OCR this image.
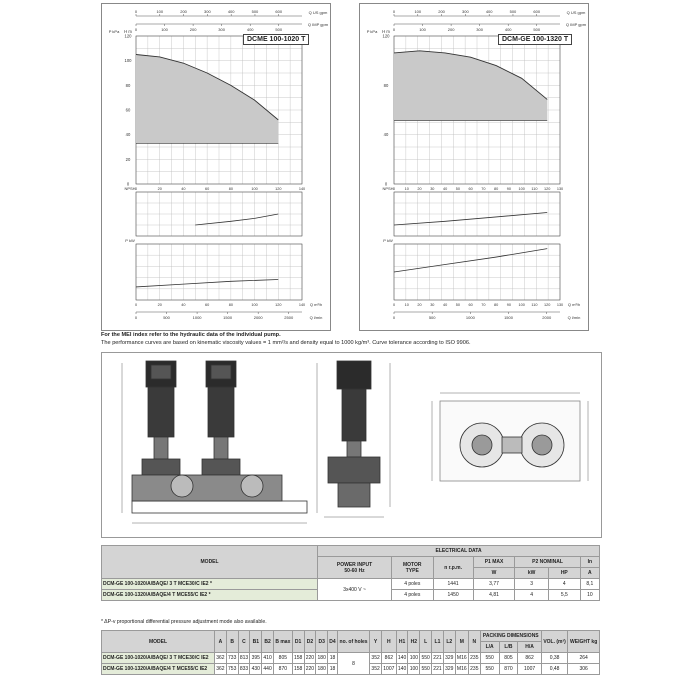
0	100	200	300	400	500	600	Q US gpm
0	100	200	300	400	500
Q IMP gpm
0
20
40
60
80
100
120
H m
P kPa
0	20	40	60	80	100	120	140
NPSH
P kW
0	20	40	60	80	100	120	140 Q m³/h
0	500	1000	1500	2000	2500	Q l/min
DCME 100-1020 T
0	100	200	300	400	500	600	Q US gpm
0	100	200	300	400	500
Q IMP gpm
0
40
80
120
H m
P kPa
0	10 20 30 40 50 60 70 80 90 100 110 120 130
NPSH
P kW
0	10 20 30 40 50 60 70 80 90 100 110 120 130 Q m³/h
0	500	1000	1500	2000	Q l/min
DCM-GE 100-1320 T
For the MEI index refer to the hydraulic data of the individual pump.
The performance curves are based on kinematic viscosity values = 1 mm²/s and density equal to 1000 kg/m³. Curve tolerance according to ISO 9906.
MODEL	ELECTRICAL DATA						
	POWER INPUT
50-60 Hz	MOTOR
TYPE	n r.p.m.	P1 MAX	P2 NOMINAL		In
				W	kW	HP	A
DCM-GE 100-1020/A/BAQE/ 3 T MCE30/C IE2 *	3x400 V ~	4 poles	1441	3,77	3	4	8,1
DCM-GE 100-1320/A/BAQE/4 T MCE55/C IE2 *		4 poles	1450	4,81	4	5,5	10
* ΔP-v proportional differential pressure adjustment mode also available.
MODEL	A	B	C	B1	B2	B max	D1	D2	D3	D4	no. of holes	Y	H	H1	H2	L	L1	L2	M	N	PACKING DIMENSIONS			VOL. (m³)	WEIGHT kg
																					L/A	L/B	H/A		
DCM-GE 100-1020/A/BAQE/ 3 T MCE30/C IE2	362	733	813	395	410	805	158	220	180	18	8	352	862	140	100	550	221	329	M16	235	550	805	862	0,38	264
DCM-GE 100-1320/A/BAQE/4 T MCE55/C IE2	362	753	833	430	440	870	158	220	180	18		352	1007	140	100	550	221	329	M16	235	550	870	1007	0,48	306
